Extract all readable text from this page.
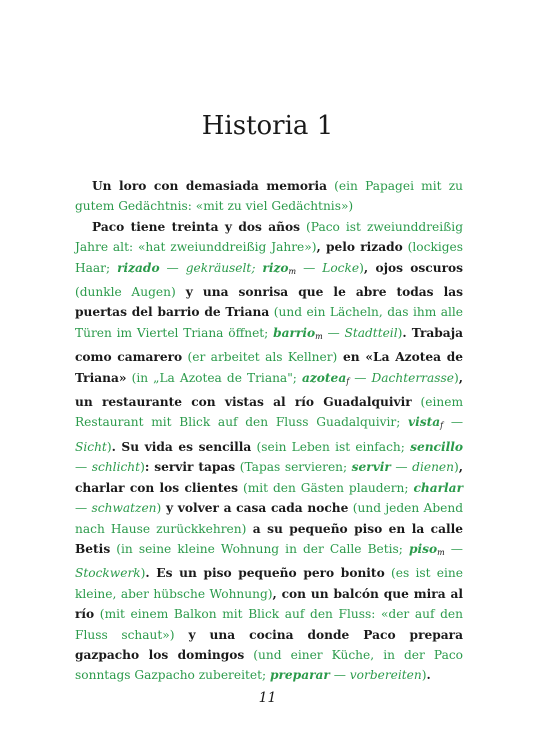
Historia 1

Un loro con demasiada memoria (ein Papagei mit zu gutem Gedächtnis: «mit zu viel Gedächtnis»)

Paco tiene treinta y dos años (Paco ist zweiunddreißig Jahre alt: «hat zweiunddreißig Jahre»), pelo rizado (lockiges Haar; rizado — gekräuselt; rizo$_m$ — Locke), ojos oscuros (dunkle Augen) y una sonrisa que le abre todas las puertas del barrio de Triana (und ein Lächeln, das ihm alle Türen im Viertel Triana öffnet; barrio$_m$ — Stadtteil). Trabaja como camarero (er arbeitet als Kellner) en «La Azotea de Triana» (in „La Azotea de Triana"; azotea$_f$ — Dachterrasse), un restaurante con vistas al río Guadalquivir (einem Restaurant mit Blick auf den Fluss Guadalquivir; vista$_f$ — Sicht). Su vida es sencilla (sein Leben ist einfach; sencillo — schlicht): servir tapas (Tapas servieren; servir — dienen), charlar con los clientes (mit den Gästen plaudern; charlar — schwatzen) y volver a casa cada noche (und jeden Abend nach Hause zurückkehren) a su pequeño piso en la calle Betis (in seine kleine Wohnung in der Calle Betis; piso$_m$ — Stockwerk). Es un piso pequeño pero bonito (es ist eine kleine, aber hübsche Wohnung), con un balcón que mira al río (mit einem Balkon mit Blick auf den Fluss: «der auf den Fluss schaut») y una cocina donde Paco prepara gazpacho los domingos (und einer Küche, in der Paco sonntags Gazpacho zubereitet; preparar — vorbereiten).

11
